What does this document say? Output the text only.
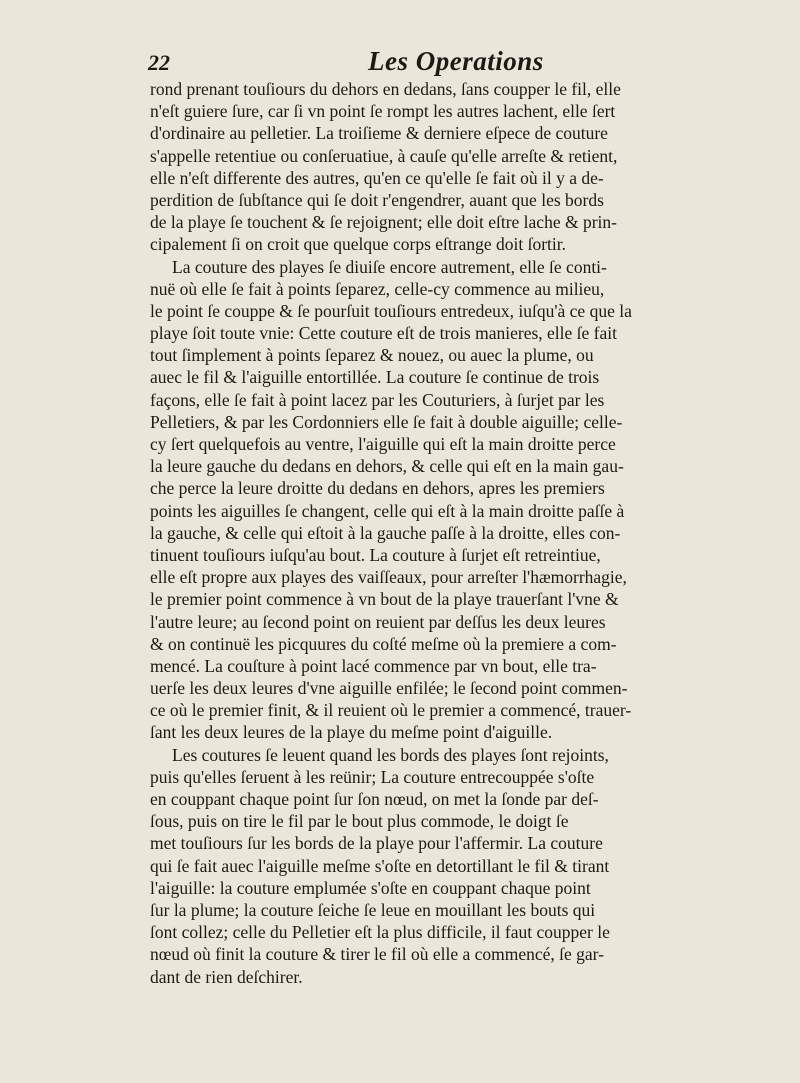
22	Les Operations
rond prenant touſiours du dehors en dedans, ſans coupper le fil, elle
n'eſt guiere ſure, car ſi vn point ſe rompt les autres lachent, elle ſert
d'ordinaire au pelletier. La troiſieme & derniere eſpece de couture
s'appelle retentiue ou conſeruatiue, à cauſe qu'elle arreſte & retient,
elle n'eſt differente des autres, qu'en ce qu'elle ſe fait où il y a de-
perdition de ſubſtance qui ſe doit r'engendrer, auant que les bords
de la playe ſe touchent & ſe rejoignent; elle doit eſtre lache & prin-
cipalement ſi on croit que quelque corps eſtrange doit ſortir.
La couture des playes ſe diuiſe encore autrement, elle ſe conti-
nuë où elle ſe fait à points ſeparez, celle-cy commence au milieu,
le point ſe couppe & ſe pourſuit touſiours entredeux, iuſqu'à ce que la
playe ſoit toute vnie: Cette couture eſt de trois manieres, elle ſe fait
tout ſimplement à points ſeparez & nouez, ou auec la plume, ou
auec le fil & l'aiguille entortillée. La couture ſe continue de trois
façons, elle ſe fait à point lacez par les Couturiers, à ſurjet par les
Pelletiers, & par les Cordonniers elle ſe fait à double aiguille; celle-
cy ſert quelquefois au ventre, l'aiguille qui eſt la main droitte perce
la leure gauche du dedans en dehors, & celle qui eſt en la main gau-
che perce la leure droitte du dedans en dehors, apres les premiers
points les aiguilles ſe changent, celle qui eſt à la main droitte paſſe à
la gauche, & celle qui eſtoit à la gauche paſſe à la droitte, elles con-
tinuent touſiours iuſqu'au bout. La couture à ſurjet eſt retreintiue,
elle eſt propre aux playes des vaiſſeaux, pour arreſter l'hæmorrhagie,
le premier point commence à vn bout de la playe trauerſant l'vne &
l'autre leure; au ſecond point on reuient par deſſus les deux leures
& on continuë les picquures du coſté meſme où la premiere a com-
mencé. La couſture à point lacé commence par vn bout, elle tra-
uerſe les deux leures d'vne aiguille enfilée; le ſecond point commen-
ce où le premier finit, & il reuient où le premier a commencé, trauer-
ſant les deux leures de la playe du meſme point d'aiguille.
Les coutures ſe leuent quand les bords des playes ſont rejoints,
puis qu'elles ſeruent à les reünir; La couture entrecouppée s'oſte
en couppant chaque point ſur ſon nœud, on met la ſonde par deſ-
ſous, puis on tire le fil par le bout plus commode, le doigt ſe
met touſiours ſur les bords de la playe pour l'affermir. La couture
qui ſe fait auec l'aiguille meſme s'oſte en detortillant le fil & tirant
l'aiguille: la couture emplumée s'oſte en couppant chaque point
ſur la plume; la couture ſeiche ſe leue en mouillant les bouts qui
ſont collez; celle du Pelletier eſt la plus difficile, il faut coupper le
nœud où finit la couture & tirer le fil où elle a commencé, ſe gar-
dant de rien deſchirer.
